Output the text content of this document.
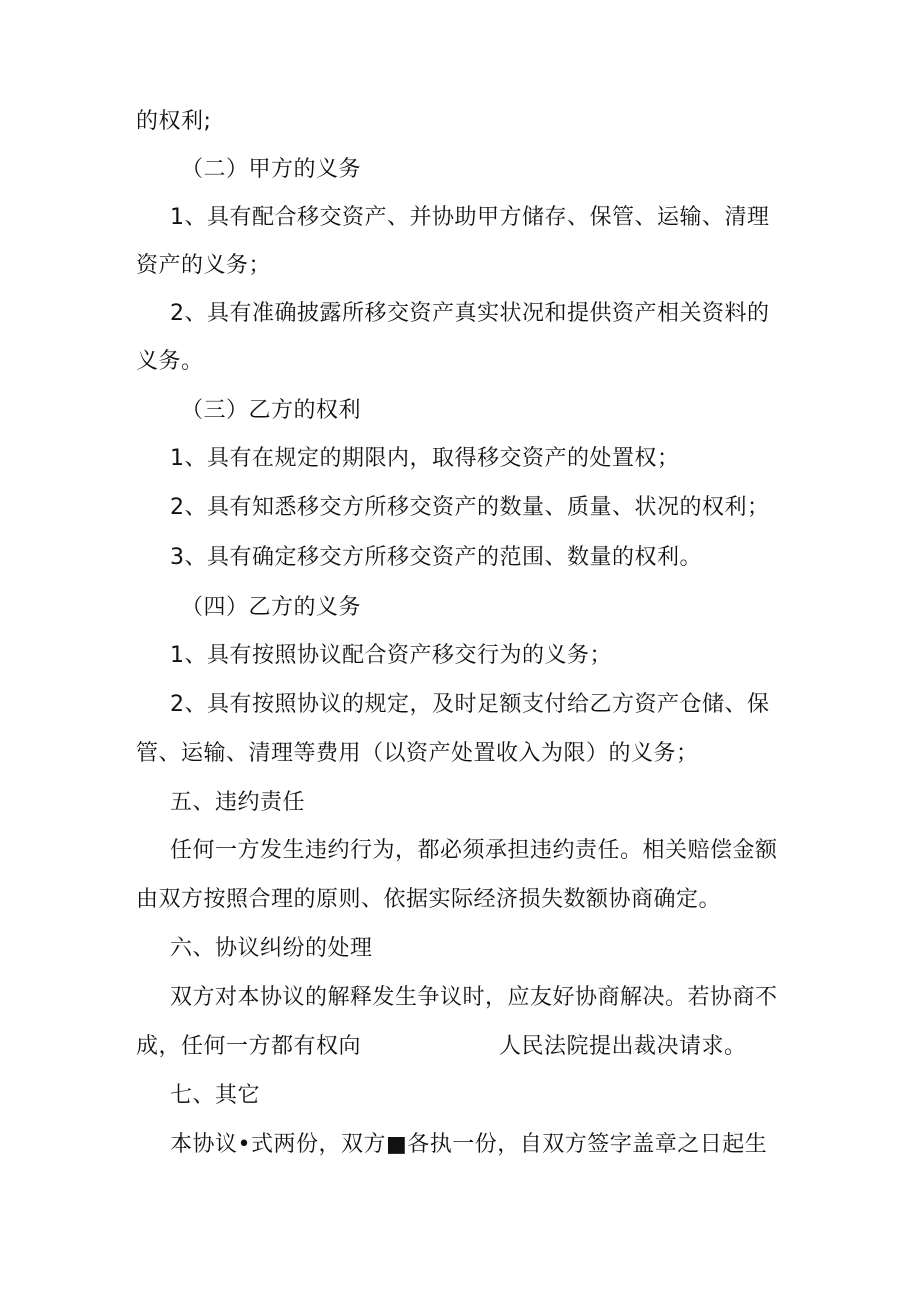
的权利;
（二）甲方的义务
1、具有配合移交资产、并协助甲方储存、保管、运输、清理
资产的义务；
2、具有准确披露所移交资产真实状况和提供资产相关资料的
义务。
（三）乙方的权利
1、具有在规定的期限内，取得移交资产的处置权；
2、具有知悉移交方所移交资产的数量、质量、状况的权利；
3、具有确定移交方所移交资产的范围、数量的权利。
（四）乙方的义务
1、具有按照协议配合资产移交行为的义务；
2、具有按照协议的规定，及时足额支付给乙方资产仓储、保
管、运输、清理等费用（以资产处置收入为限）的义务；
五、违约责任
任何一方发生违约行为，都必须承担违约责任。相关赔偿金额
由双方按照合理的原则、依据实际经济损失数额协商确定。
六、协议纠纷的处理
双方对本协议的解释发生争议时，应友好协商解决。若协商不
成，任何一方都有权向	人民法院提出裁决请求。
七、其它
本协议•式两份，双方■各执一份，自双方签字盖章之日起生
